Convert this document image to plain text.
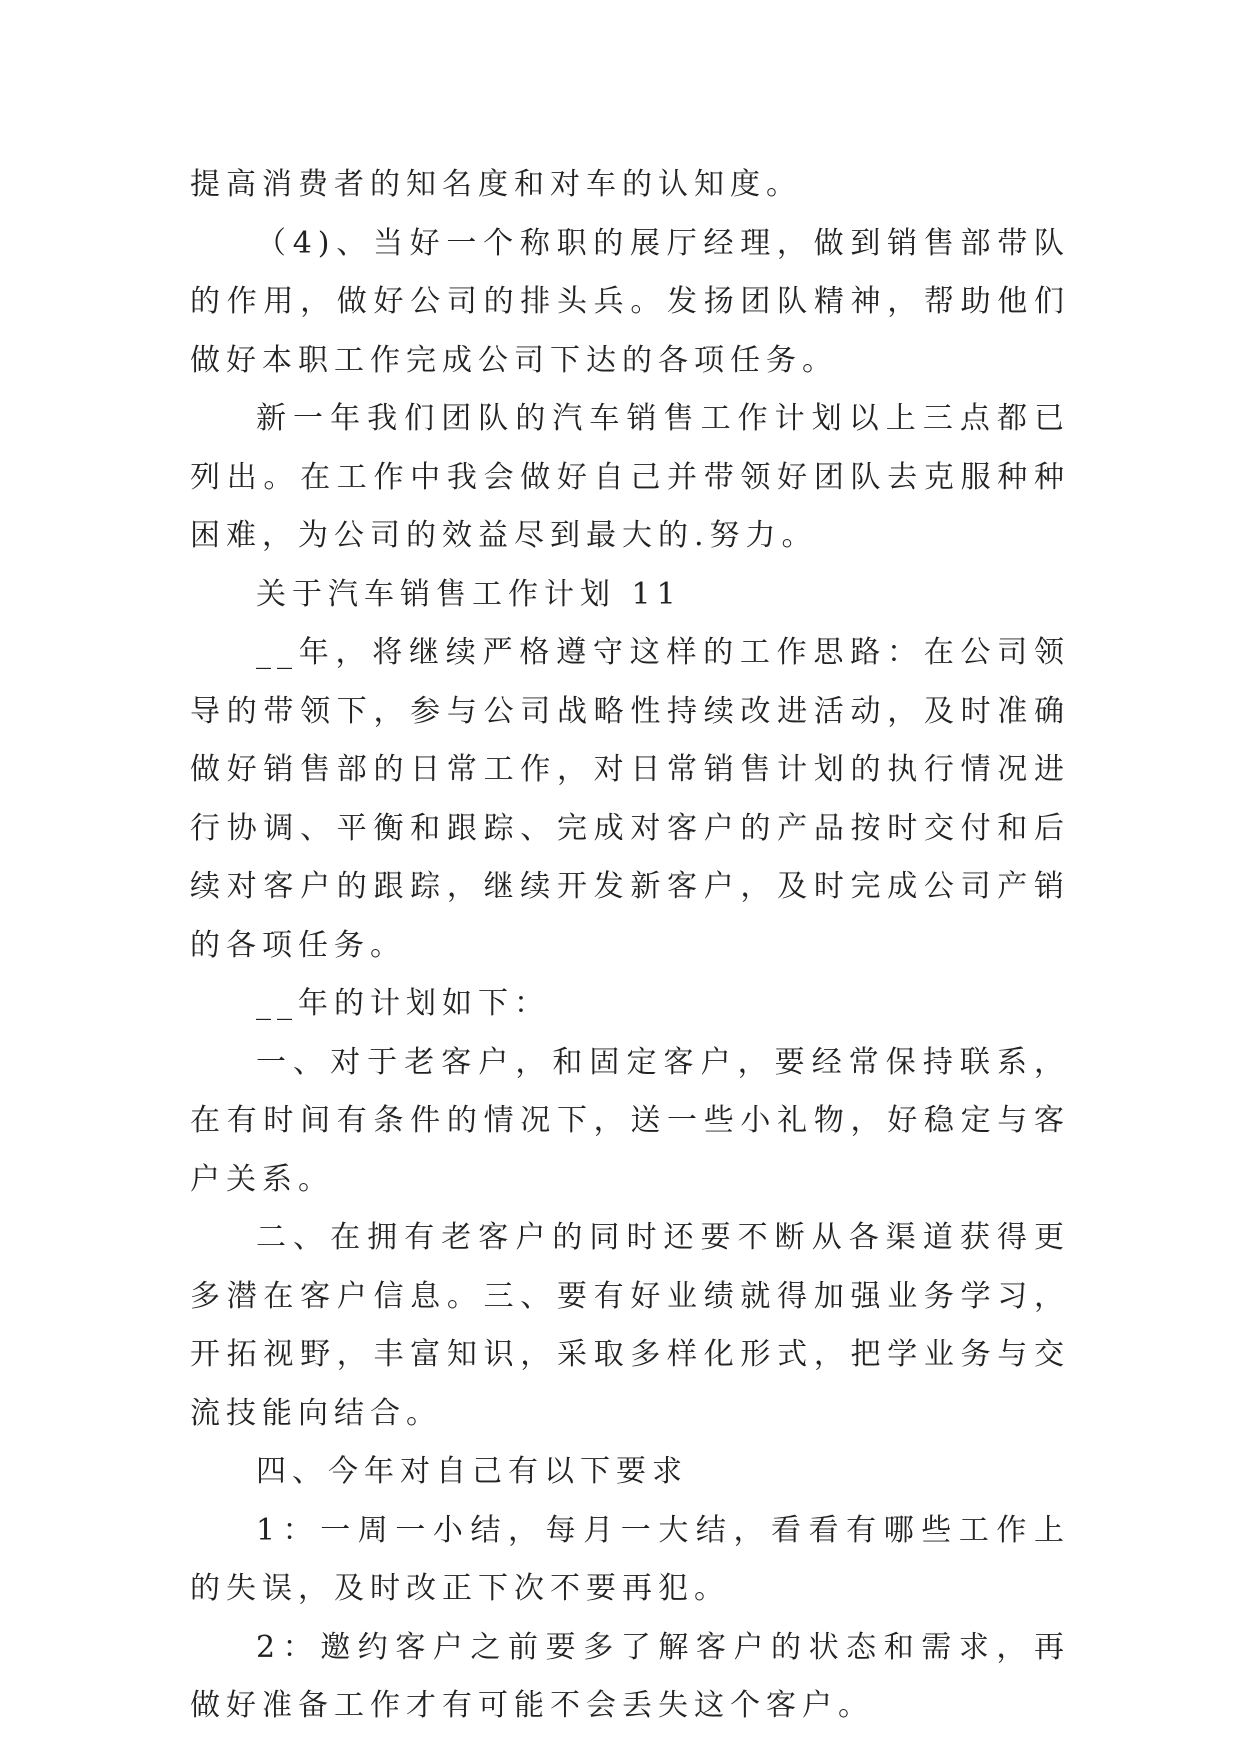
提高消费者的知名度和对车的认知度。

（4)、当好一个称职的展厅经理，做到销售部带队的作用，做好公司的排头兵。发扬团队精神，帮助他们做好本职工作完成公司下达的各项任务。

新一年我们团队的汽车销售工作计划以上三点都已列出。在工作中我会做好自己并带领好团队去克服种种困难，为公司的效益尽到最大的.努力。

关于汽车销售工作计划 11

__年，将继续严格遵守这样的工作思路：在公司领导的带领下，参与公司战略性持续改进活动，及时准确做好销售部的日常工作，对日常销售计划的执行情况进行协调、平衡和跟踪、完成对客户的产品按时交付和后续对客户的跟踪，继续开发新客户，及时完成公司产销的各项任务。

__年的计划如下：

一、对于老客户，和固定客户，要经常保持联系，在有时间有条件的情况下，送一些小礼物，好稳定与客户关系。

二、在拥有老客户的同时还要不断从各渠道获得更多潜在客户信息。三、要有好业绩就得加强业务学习，开拓视野，丰富知识，采取多样化形式，把学业务与交流技能向结合。

四、今年对自己有以下要求

1：一周一小结，每月一大结，看看有哪些工作上的失误，及时改正下次不要再犯。

2：邀约客户之前要多了解客户的状态和需求，再做好准备工作才有可能不会丢失这个客户。
